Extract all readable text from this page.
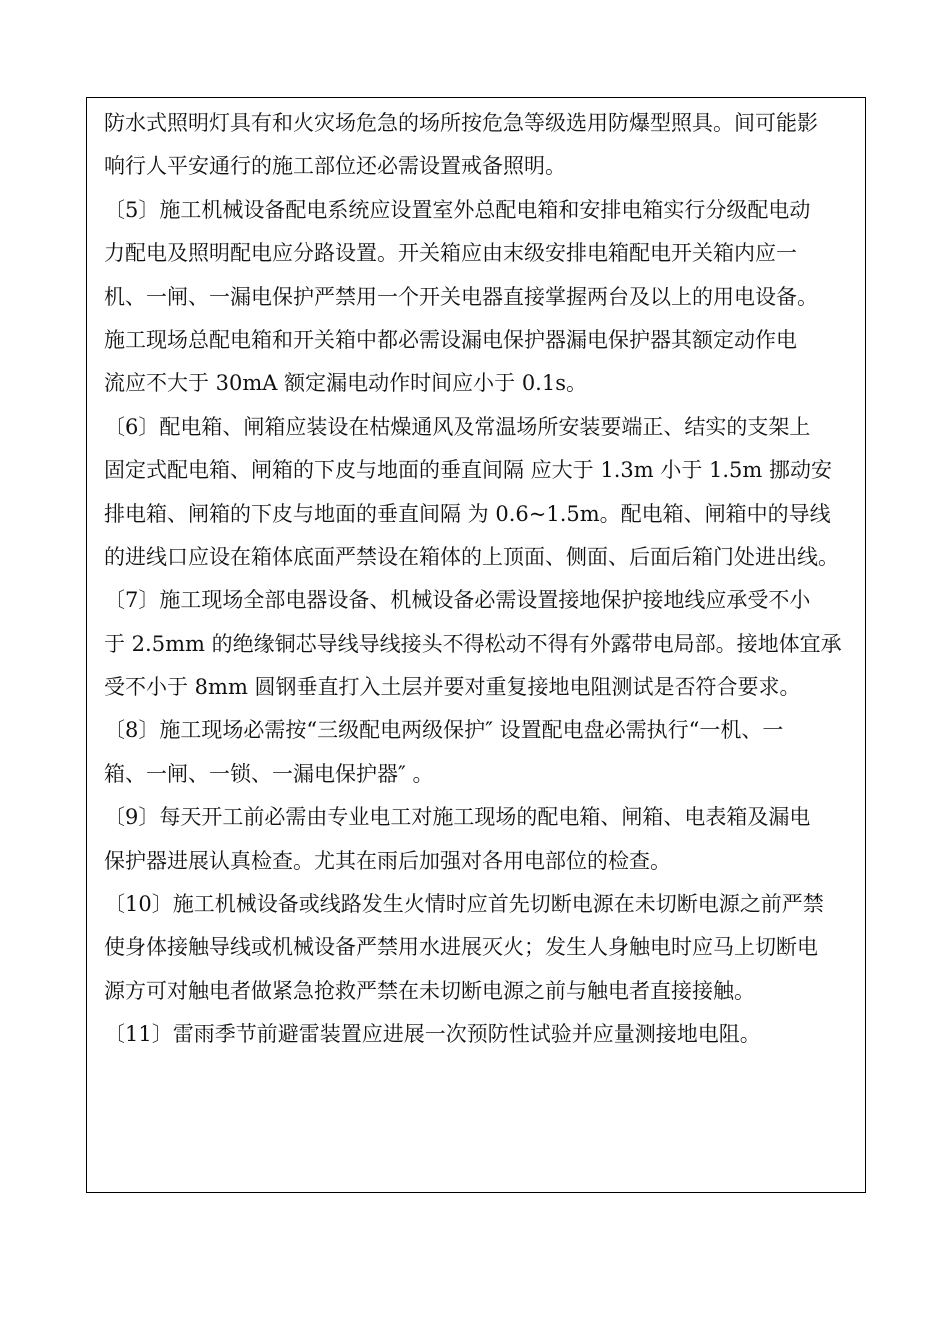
防水式照明灯具有和火灾场危急的场所按危急等级选用防爆型照具。间可能影
响行人平安通行的施工部位还必需设置戒备照明。
〔5〕施工机械设备配电系统应设置室外总配电箱和安排电箱实行分级配电动
力配电及照明配电应分路设置。开关箱应由末级安排电箱配电开关箱内应一
机、一闸、一漏电保护严禁用一个开关电器直接掌握两台及以上的用电设备。
施工现场总配电箱和开关箱中都必需设漏电保护器漏电保护器其额定动作电
流应不大于 30mA 额定漏电动作时间应小于 0.1s。
〔6〕配电箱、闸箱应装设在枯燥通风及常温场所安装要端正、结实的支架上
固定式配电箱、闸箱的下皮与地面的垂直间隔 应大于 1.3m 小于 1.5m 挪动安
排电箱、闸箱的下皮与地面的垂直间隔 为 0.6~1.5m。配电箱、闸箱中的导线
的进线口应设在箱体底面严禁设在箱体的上顶面、侧面、后面后箱门处进出线。
〔7〕施工现场全部电器设备、机械设备必需设置接地保护接地线应承受不小
于 2.5mm 的绝缘铜芯导线导线接头不得松动不得有外露带电局部。接地体宜承
受不小于 8mm 圆钢垂直打入土层并要对重复接地电阻测试是否符合要求。
〔8〕施工现场必需按“三级配电两级保护″ 设置配电盘必需执行“一机、一
箱、一闸、一锁、一漏电保护器″ 。
〔9〕每天开工前必需由专业电工对施工现场的配电箱、闸箱、电表箱及漏电
保护器进展认真检查。尤其在雨后加强对各用电部位的检查。
〔10〕施工机械设备或线路发生火情时应首先切断电源在未切断电源之前严禁
使身体接触导线或机械设备严禁用水进展灭火；发生人身触电时应马上切断电
源方可对触电者做紧急抢救严禁在未切断电源之前与触电者直接接触。
〔11〕雷雨季节前避雷装置应进展一次预防性试验并应量测接地电阻。
